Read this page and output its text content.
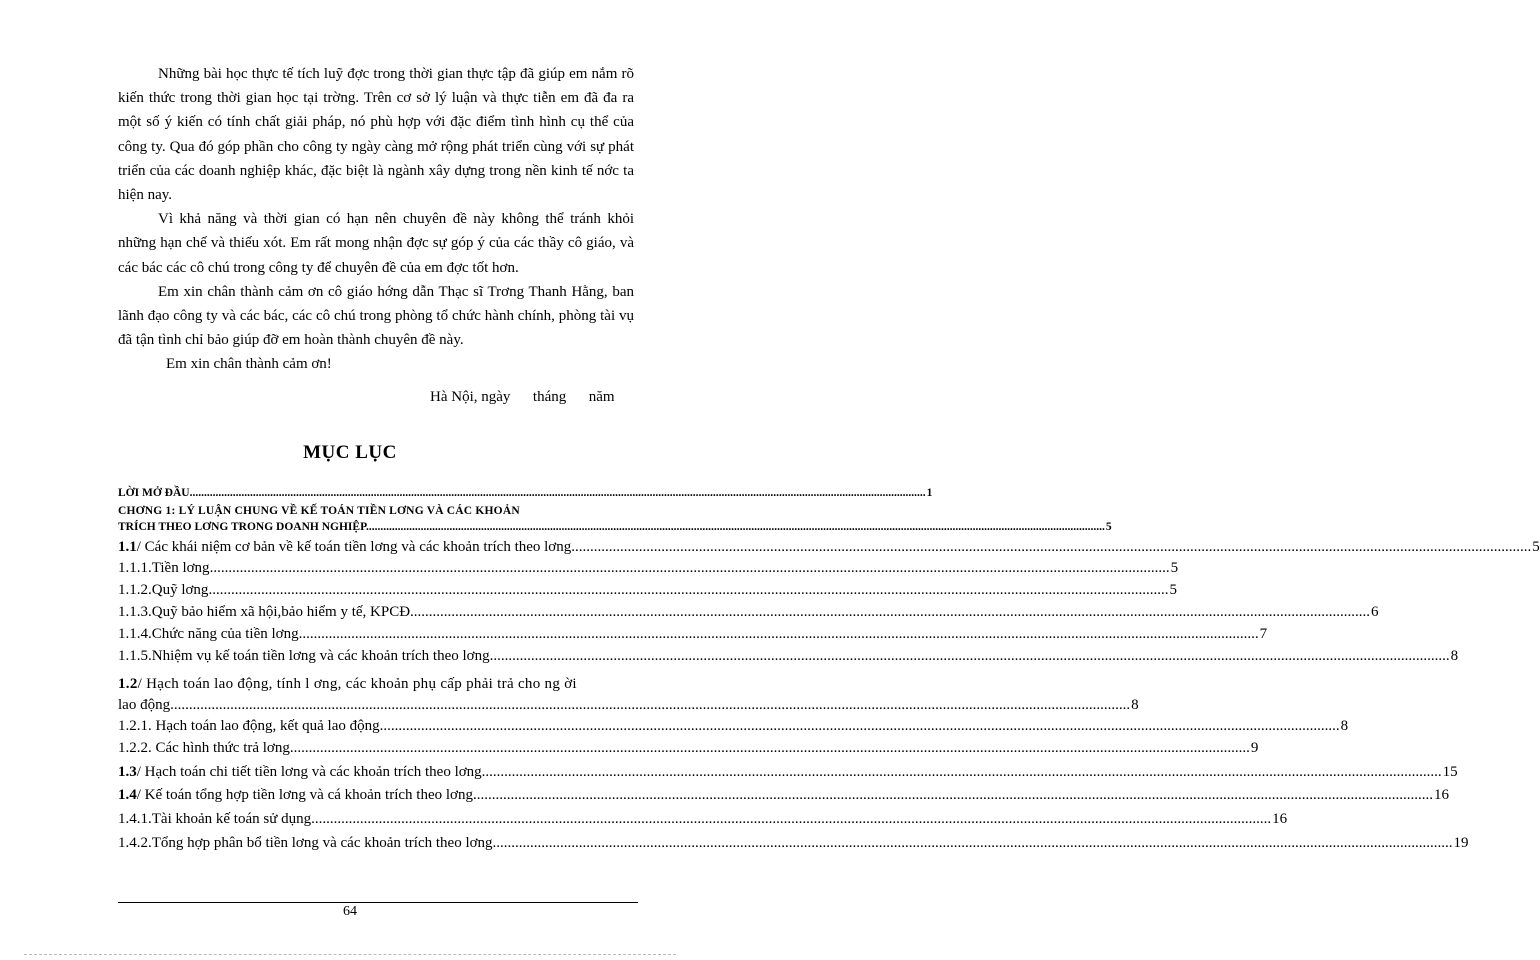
Những bài học thực tế tích luỹ đợc trong thời gian thực tập đã giúp em nắm rõ kiến thức trong thời gian học tại trờng. Trên cơ sở lý luận và thực tiễn em đã đa ra một số ý kiến có tính chất giải pháp, nó phù hợp với đặc điểm tình hình cụ thể của công ty. Qua đó góp phần cho công ty ngày càng mở rộng phát triển cùng với sự phát triển của các doanh nghiệp khác, đặc biệt là ngành xây dựng trong nền kinh tế nớc ta hiện nay.

Vì khả năng và thời gian có hạn nên chuyên đề này không thể tránh khỏi những hạn chế và thiếu xót. Em rất mong nhận đợc sự góp ý của các thầy cô giáo, và các bác các cô chú trong công ty để chuyên đề của em đợc tốt hơn.

Em xin chân thành cảm ơn cô giáo hớng dẫn Thạc sĩ Trơng Thanh Hằng, ban lãnh đạo công ty và các bác, các cô chú trong phòng tổ chức hành chính, phòng tài vụ đã tận tình chỉ bảo giúp đỡ em hoàn thành chuyên đề này.

Em xin chân thành cảm ơn!

Hà Nội, ngày      tháng      năm
MỤC LỤC
LỜI MỞ ĐẦU .....	1
CHƠNG 1: LÝ LUẬN CHUNG VỀ KẾ TOÁN TIỀN LƠNG VÀ CÁC KHOẢN
TRÍCH THEO LƠNG TRONG DOANH NGHIỆP. .....	5
1.1/ Các khái niệm cơ bản về kế toán tiền lơng và các khoản trích theo lơng .....	5
1.1.1.Tiền lơng .....	5
1.1.2.Quỹ lơng .....	5
1.1.3.Quỹ bảo hiểm xã hội,bảo hiểm y tế, KPCĐ .....	6
1.1.4.Chức năng của tiền lơng .....	7
1.1.5.Nhiệm vụ kế toán tiền lơng và các khoản trích theo lơng .....	8
1.2/ Hạch toán lao động, tính l ơng, các khoản phụ cấp phải trả cho ng ời
lao động .....	8
1.2.1. Hạch toán lao động, kết quả lao động .....	8
1.2.2. Các hình thức trả lơng .....	9
1.3/ Hạch toán chi tiết tiền lơng và các khoản trích theo lơng .....	15
1.4/ Kế toán tổng hợp tiền lơng và cá khoản trích theo lơng .....	16
1.4.1.Tài khoản kế toán sử dụng .....	16
1.4.2.Tổng hợp phân bổ tiền lơng và các khoản trích theo lơng .....	19
64
